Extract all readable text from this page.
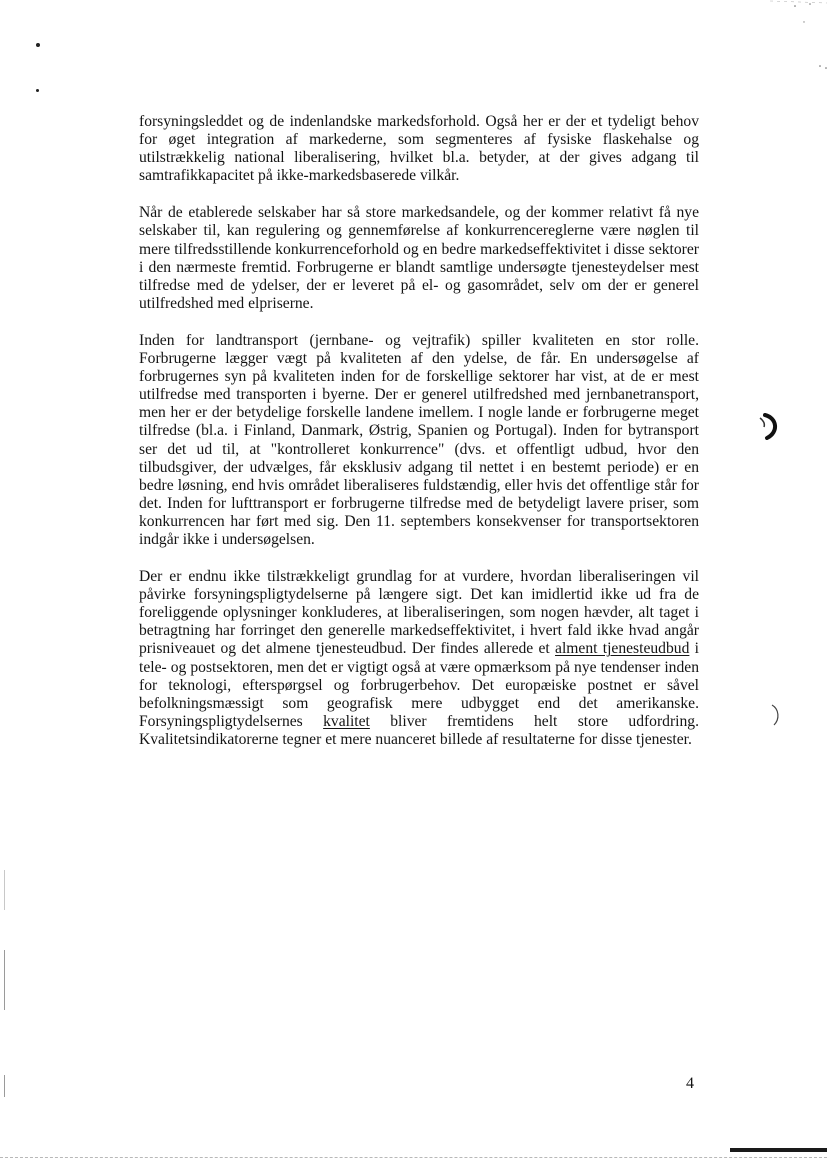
forsyningsleddet og de indenlandske markedsforhold. Også her er der et tydeligt behov for øget integration af markederne, som segmenteres af fysiske flaskehalse og utilstrækkelig national liberalisering, hvilket bl.a. betyder, at der gives adgang til samtrafikkapacitet på ikke-markedsbaserede vilkår.

Når de etablerede selskaber har så store markedsandele, og der kommer relativt få nye selskaber til, kan regulering og gennemførelse af konkurrencereglerne være nøglen til mere tilfredsstillende konkurrenceforhold og en bedre markedseffektivitet i disse sektorer i den nærmeste fremtid. Forbrugerne er blandt samtlige undersøgte tjenesteydelser mest tilfredse med de ydelser, der er leveret på el- og gasområdet, selv om der er generel utilfredshed med elpriserne.

Inden for landtransport (jernbane- og vejtrafik) spiller kvaliteten en stor rolle. Forbrugerne lægger vægt på kvaliteten af den ydelse, de får. En undersøgelse af forbrugernes syn på kvaliteten inden for de forskellige sektorer har vist, at de er mest utilfredse med transporten i byerne. Der er generel utilfredshed med jernbanetransport, men her er der betydelige forskelle landene imellem. I nogle lande er forbrugerne meget tilfredse (bl.a. i Finland, Danmark, Østrig, Spanien og Portugal). Inden for bytransport ser det ud til, at "kontrolleret konkurrence" (dvs. et offentligt udbud, hvor den tilbudsgiver, der udvælges, får eksklusiv adgang til nettet i en bestemt periode) er en bedre løsning, end hvis området liberaliseres fuldstændig, eller hvis det offentlige står for det. Inden for lufttransport er forbrugerne tilfredse med de betydeligt lavere priser, som konkurrencen har ført med sig. Den 11. septembers konsekvenser for transportsektoren indgår ikke i undersøgelsen.

Der er endnu ikke tilstrækkeligt grundlag for at vurdere, hvordan liberaliseringen vil påvirke forsyningspligtydelserne på længere sigt. Det kan imidlertid ikke ud fra de foreliggende oplysninger konkluderes, at liberaliseringen, som nogen hævder, alt taget i betragtning har forringet den generelle markedseffektivitet, i hvert fald ikke hvad angår prisniveauet og det almene tjenesteudbud. Der findes allerede et alment tjenesteudbud i tele- og postsektoren, men det er vigtigt også at være opmærksom på nye tendenser inden for teknologi, efterspørgsel og forbrugerbehov. Det europæiske postnet er såvel befolkningsmæssigt som geografisk mere udbygget end det amerikanske. Forsyningspligtydelsernes kvalitet bliver fremtidens helt store udfordring. Kvalitetsindikatorerne tegner et mere nuanceret billede af resultaterne for disse tjenester.

4
